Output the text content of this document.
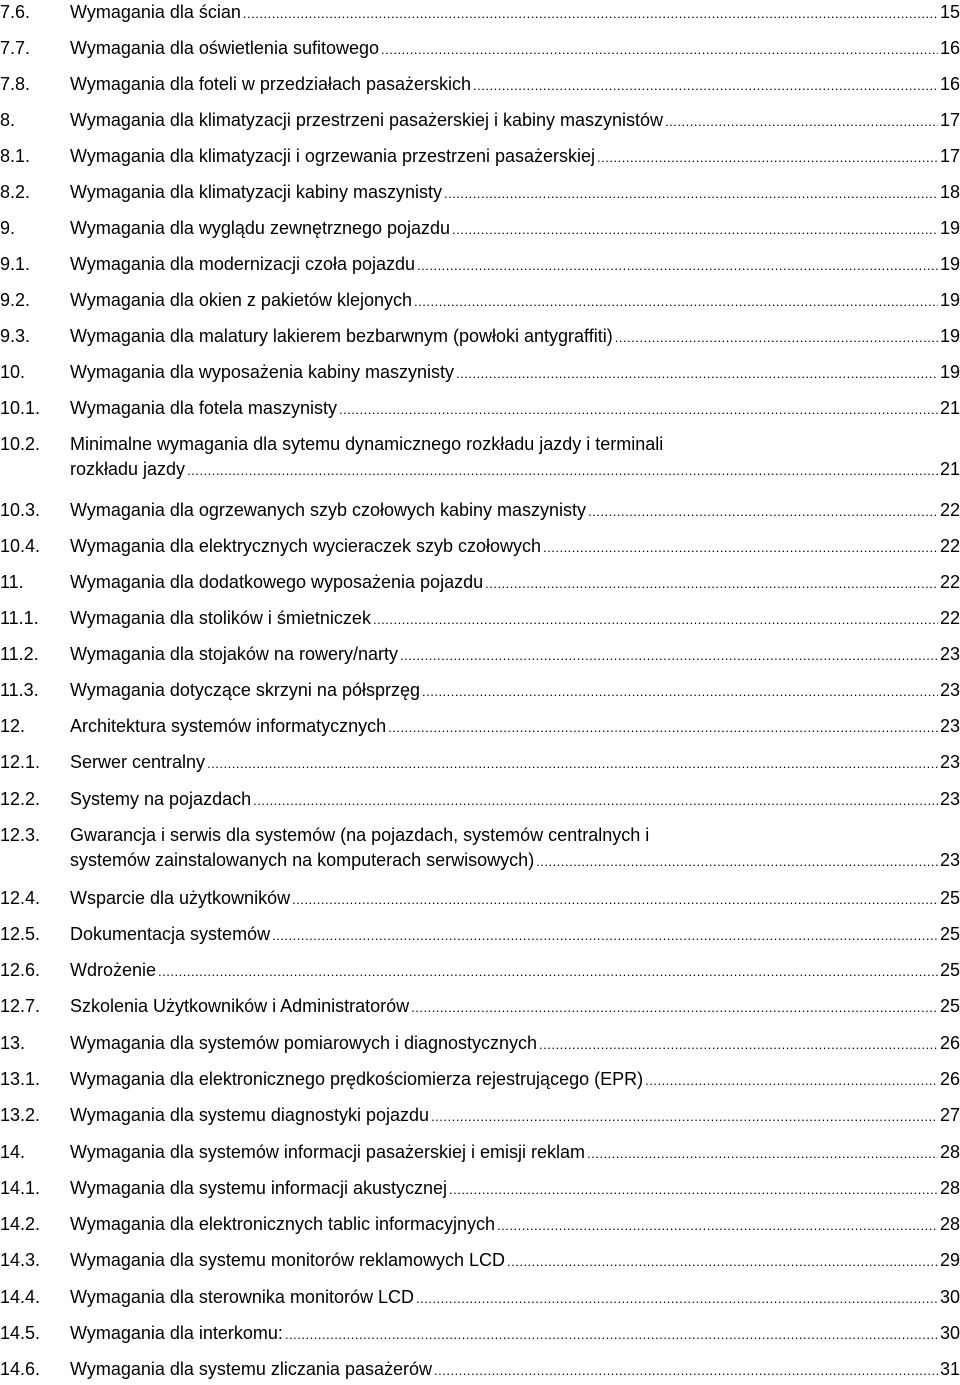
7.6. Wymagania dla ścian .....	15
7.7. Wymagania dla oświetlenia sufitowego .....	16
7.8. Wymagania dla foteli w przedziałach pasażerskich .....	16
8.	Wymagania dla klimatyzacji przestrzeni pasażerskiej i kabiny maszynistów .....	17
8.1. Wymagania dla klimatyzacji i ogrzewania przestrzeni pasażerskiej .....	17
8.2. Wymagania dla klimatyzacji kabiny maszynisty .....	18
9.	Wymagania dla wyglądu zewnętrznego pojazdu .....	19
9.1. Wymagania dla modernizacji czoła pojazdu .....	19
9.2. Wymagania dla okien z pakietów klejonych .....	19
9.3. Wymagania dla malatury lakierem bezbarwnym (powłoki antygraffiti) .....	19
10. Wymagania dla wyposażenia kabiny maszynisty .....	19
10.1. Wymagania dla fotela maszynisty .....	21
10.2. Minimalne wymagania dla sytemu dynamicznego rozkładu jazdy i terminali
rozkładu jazdy .....	21
10.3. Wymagania dla ogrzewanych szyb czołowych kabiny maszynisty .....	22
10.4. Wymagania dla elektrycznych wycieraczek szyb czołowych .....	22
11.	Wymagania dla dodatkowego wyposażenia pojazdu .....	22
11.1. Wymagania dla stolików i śmietniczek .....	22
11.2. Wymagania dla stojaków na rowery/narty .....	23
11.3. Wymagania dotyczące skrzyni na półsprzęg .....	23
12. Architektura systemów informatycznych .....	23
12.1. Serwer centralny .....	23
12.2. Systemy na pojazdach .....	23
12.3. Gwarancja i serwis dla systemów (na pojazdach, systemów centralnych i
systemów zainstalowanych na komputerach serwisowych) .....	23
12.4. Wsparcie dla użytkowników .....	25
12.5. Dokumentacja systemów .....	25
12.6. Wdrożenie .....	25
12.7. Szkolenia Użytkowników i Administratorów .....	25
13. Wymagania dla systemów pomiarowych i diagnostycznych .....	26
13.1. Wymagania dla elektronicznego prędkościomierza rejestrującego (EPR) .....	26
13.2. Wymagania dla systemu diagnostyki pojazdu .....	27
14. Wymagania dla systemów informacji pasażerskiej i emisji reklam .....	28
14.1. Wymagania dla systemu informacji akustycznej .....	28
14.2. Wymagania dla elektronicznych tablic informacyjnych .....	28
14.3. Wymagania dla systemu monitorów reklamowych LCD .....	29
14.4. Wymagania dla sterownika monitorów LCD .....	30
14.5. Wymagania dla interkomu: .....	30
14.6. Wymagania dla systemu zliczania pasażerów .....	31
